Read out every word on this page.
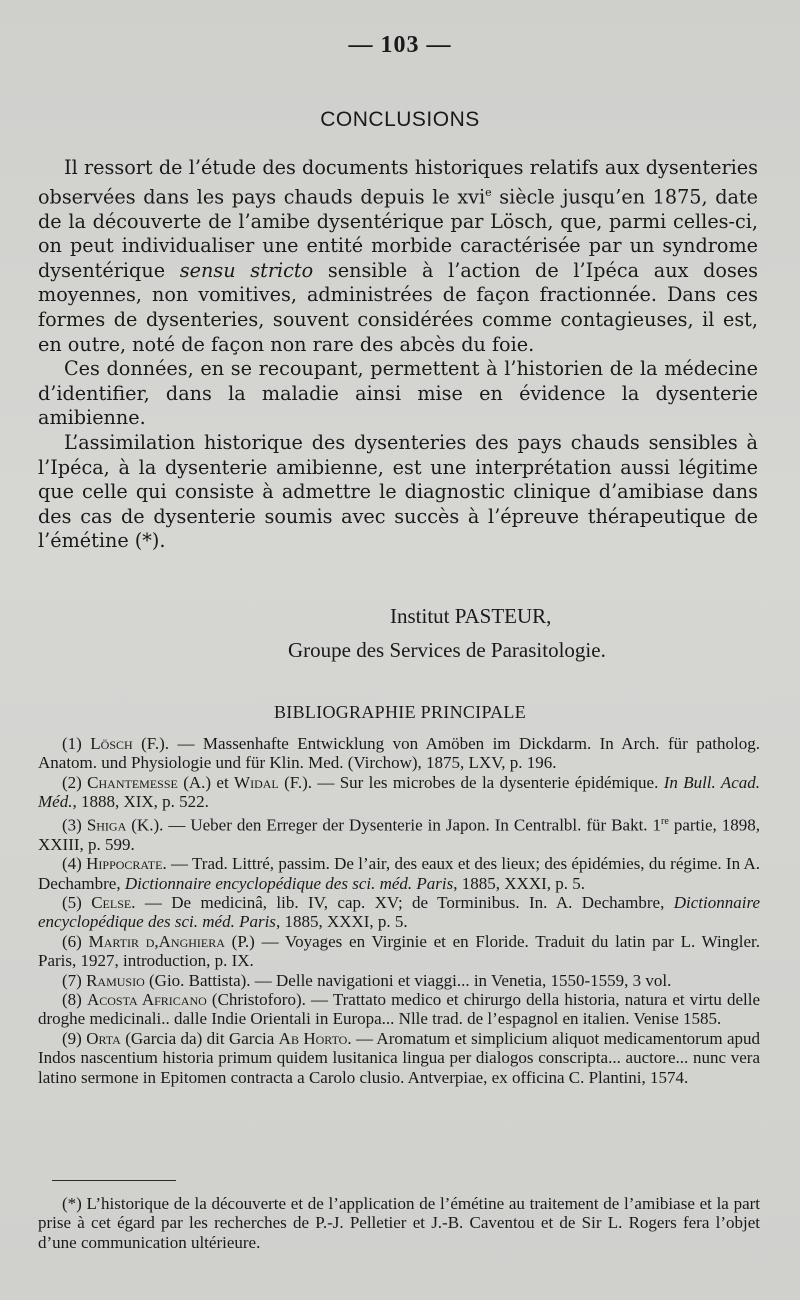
— 103 —
CONCLUSIONS

Il ressort de l’étude des documents historiques relatifs aux dysenteries observées dans les pays chauds depuis le xvi$^e$ siècle jusqu’en 1875, date de la découverte de l’amibe dysentérique par Lösch, que, parmi celles-ci, on peut individualiser une entité morbide caractérisée par un syndrome dysentérique sensu stricto sensible à l’action de l’Ipéca aux doses moyennes, non vomitives, administrées de façon fractionnée. Dans ces formes de dysenteries, souvent considérées comme contagieuses, il est, en outre, noté de façon non rare des abcès du foie.

Ces données, en se recoupant, permettent à l’historien de la médecine d’identifier, dans la maladie ainsi mise en évidence la dysenterie amibienne.

L’assimilation historique des dysenteries des pays chauds sensibles à l’Ipéca, à la dysenterie amibienne, est une interprétation aussi légitime que celle qui consiste à admettre le diagnostic clinique d’amibiase dans des cas de dysenterie soumis avec succès à l’épreuve thérapeutique de l’émétine (*).

Institut PASTEUR,
Groupe des Services de Parasitologie.
BIBLIOGRAPHIE PRINCIPALE

(1) Lösch (F.). — Massenhafte Entwicklung von Amöben im Dickdarm. In Arch. für patholog. Anatom. und Physiologie und für Klin. Med. (Virchow), 1875, LXV, p. 196.

(2) Chantemesse (A.) et Widal (F.). — Sur les microbes de la dysenterie épidémique. In Bull. Acad. Méd., 1888, XIX, p. 522.

(3) Shiga (K.). — Ueber den Erreger der Dysenterie in Japon. In Centralbl. für Bakt. 1re partie, 1898, XXIII, p. 599.

(4) Hippocrate. — Trad. Littré, passim. De l’air, des eaux et des lieux; des épidémies, du régime. In A. Dechambre, Dictionnaire encyclopédique des sci. méd. Paris, 1885, XXXI, p. 5.

(5) Celse. — De medicinâ, lib. IV, cap. XV; de Torminibus. In. A. Dechambre, Dictionnaire encyclopédique des sci. méd. Paris, 1885, XXXI, p. 5.

(6) Martir d,Anghiera (P.) — Voyages en Virginie et en Floride. Traduit du latin par L. Wingler. Paris, 1927, introduction, p. IX.

(7) Ramusio (Gio. Battista). — Delle navigationi et viaggi... in Venetia, 1550-1559, 3 vol.

(8) Acosta Africano (Christoforo). — Trattato medico et chirurgo della historia, natura et virtu delle droghe medicinali.. dalle Indie Orientali in Europa... Nlle trad. de l’espagnol en italien. Venise 1585.

(9) Orta (Garcia da) dit Garcia Ab Horto. — Aromatum et simplicium aliquot medicamentorum apud Indos nascentium historia primum quidem lusitanica lingua per dialogos conscripta... auctore... nunc vera latino sermone in Epitomen contracta a Carolo clusio. Antverpiae, ex officina C. Plantini, 1574.

(*) L’historique de la découverte et de l’application de l’émétine au traitement de l’amibiase et la part prise à cet égard par les recherches de P.-J. Pelletier et J.-B. Caventou et de Sir L. Rogers fera l’objet d’une communication ultérieure.
